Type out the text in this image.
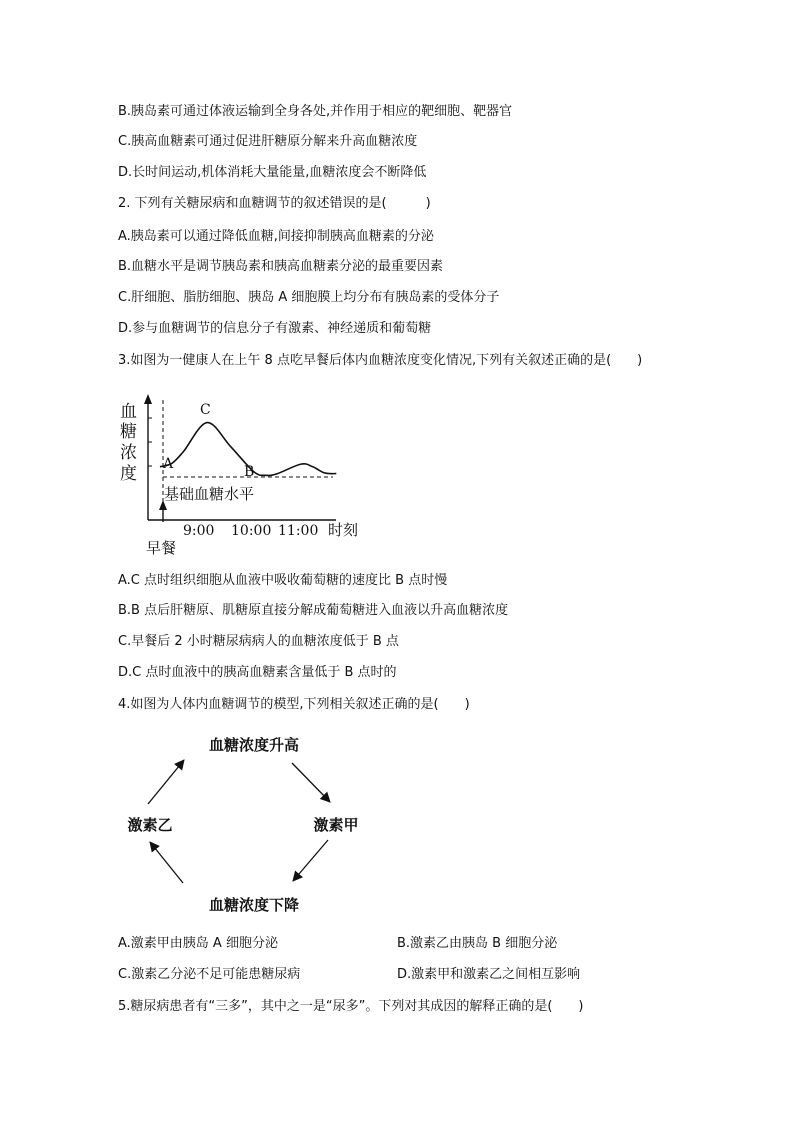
B.胰岛素可通过体液运输到全身各处,并作用于相应的靶细胞、靶器官
C.胰高血糖素可通过促进肝糖原分解来升高血糖浓度
D.长时间运动,机体消耗大量能量,血糖浓度会不断降低
2. 下列有关糖尿病和血糖调节的叙述错误的是(　　　)
A.胰岛素可以通过降低血糖,间接抑制胰高血糖素的分泌
B.血糖水平是调节胰岛素和胰高血糖素分泌的最重要因素
C.肝细胞、脂肪细胞、胰岛 A 细胞膜上均分布有胰岛素的受体分子
D.参与血糖调节的信息分子有激素、神经递质和葡萄糖
3.如图为一健康人在上午 8 点吃早餐后体内血糖浓度变化情况,下列有关叙述正确的是(　　)
血
糖
浓
度
C
A	B
基础血糖水平
9:00 10:00 11:00 时刻
早餐
A.C 点时组织细胞从血液中吸收葡萄糖的速度比 B 点时慢
B.B 点后肝糖原、肌糖原直接分解成葡萄糖进入血液以升高血糖浓度
C.早餐后 2 小时糖尿病病人的血糖浓度低于 B 点
D.C 点时血液中的胰高血糖素含量低于 B 点时的
4.如图为人体内血糖调节的模型,下列相关叙述正确的是(　　)
血糖浓度升高
激素甲
血糖浓度下降
激素乙
A.激素甲由胰岛 A 细胞分泌	B.激素乙由胰岛 B 细胞分泌
C.激素乙分泌不足可能患糖尿病	D.激素甲和激素乙之间相互影响
5.糖尿病患者有“三多”，其中之一是“尿多”。下列对其成因的解释正确的是(　　)
